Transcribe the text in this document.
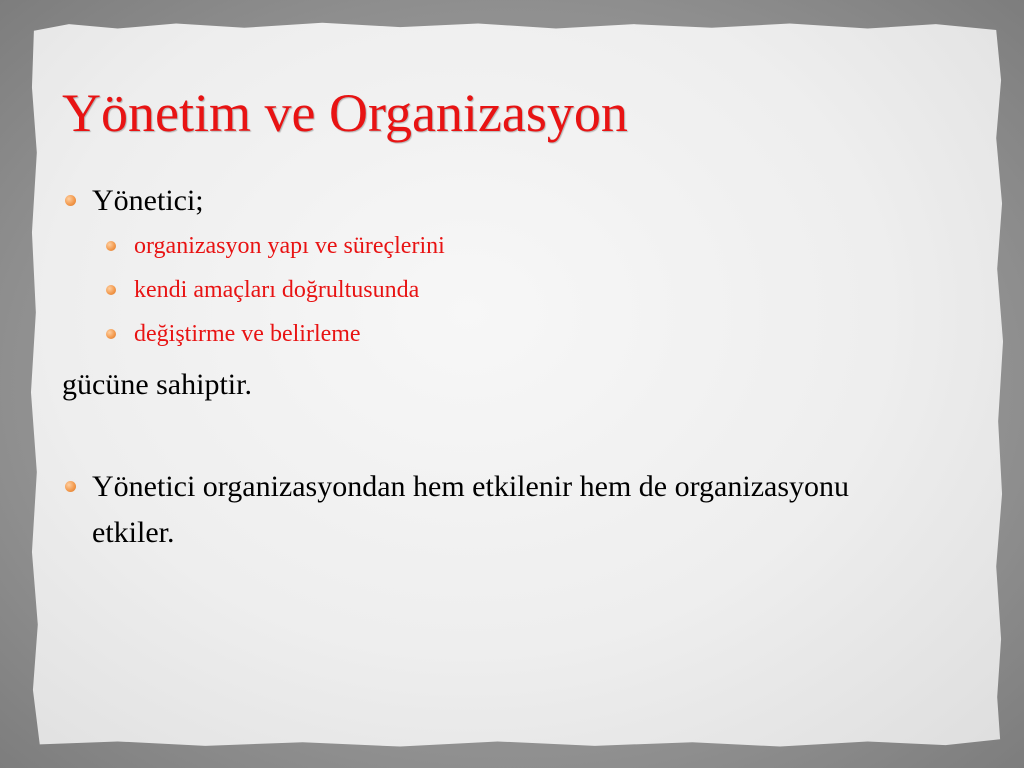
Yönetim ve Organizasyon
Yönetici;
organizasyon yapı ve süreçlerini
kendi amaçları doğrultusunda
değiştirme ve belirleme
gücüne sahiptir.
Yönetici organizasyondan hem etkilenir hem de organizasyonu etkiler.
